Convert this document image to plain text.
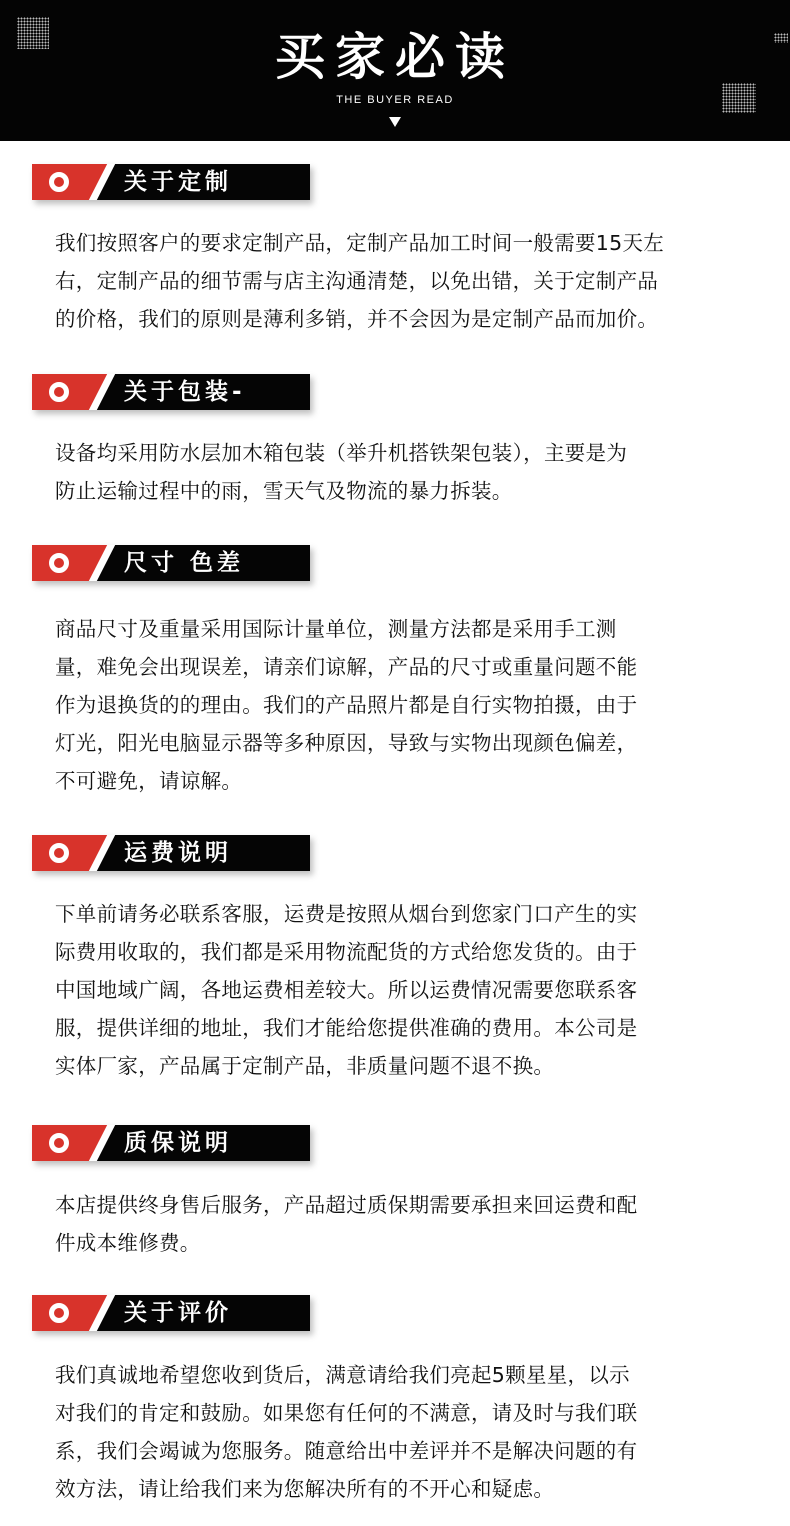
买家必读
THE BUYER READ
关于定制
我们按照客户的要求定制产品，定制产品加工时间一般需要15天左
右，定制产品的细节需与店主沟通清楚，以免出错，关于定制产品
的价格，我们的原则是薄利多销，并不会因为是定制产品而加价。
关于包装-
设备均采用防水层加木箱包装（举升机搭铁架包装），主要是为
防止运输过程中的雨，雪天气及物流的暴力拆装。
尺寸 色差
商品尺寸及重量采用国际计量单位，测量方法都是采用手工测
量，难免会出现误差，请亲们谅解，产品的尺寸或重量问题不能
作为退换货的的理由。我们的产品照片都是自行实物拍摄，由于
灯光，阳光电脑显示器等多种原因，导致与实物出现颜色偏差，
不可避免，请谅解。
运费说明
下单前请务必联系客服，运费是按照从烟台到您家门口产生的实
际费用收取的，我们都是采用物流配货的方式给您发货的。由于
中国地域广阔，各地运费相差较大。所以运费情况需要您联系客
服，提供详细的地址，我们才能给您提供准确的费用。本公司是
实体厂家，产品属于定制产品，非质量问题不退不换。
质保说明
本店提供终身售后服务，产品超过质保期需要承担来回运费和配
件成本维修费。
关于评价
我们真诚地希望您收到货后，满意请给我们亮起5颗星星，以示
对我们的肯定和鼓励。如果您有任何的不满意，请及时与我们联
系，我们会竭诚为您服务。随意给出中差评并不是解决问题的有
效方法，请让给我们来为您解决所有的不开心和疑虑。
